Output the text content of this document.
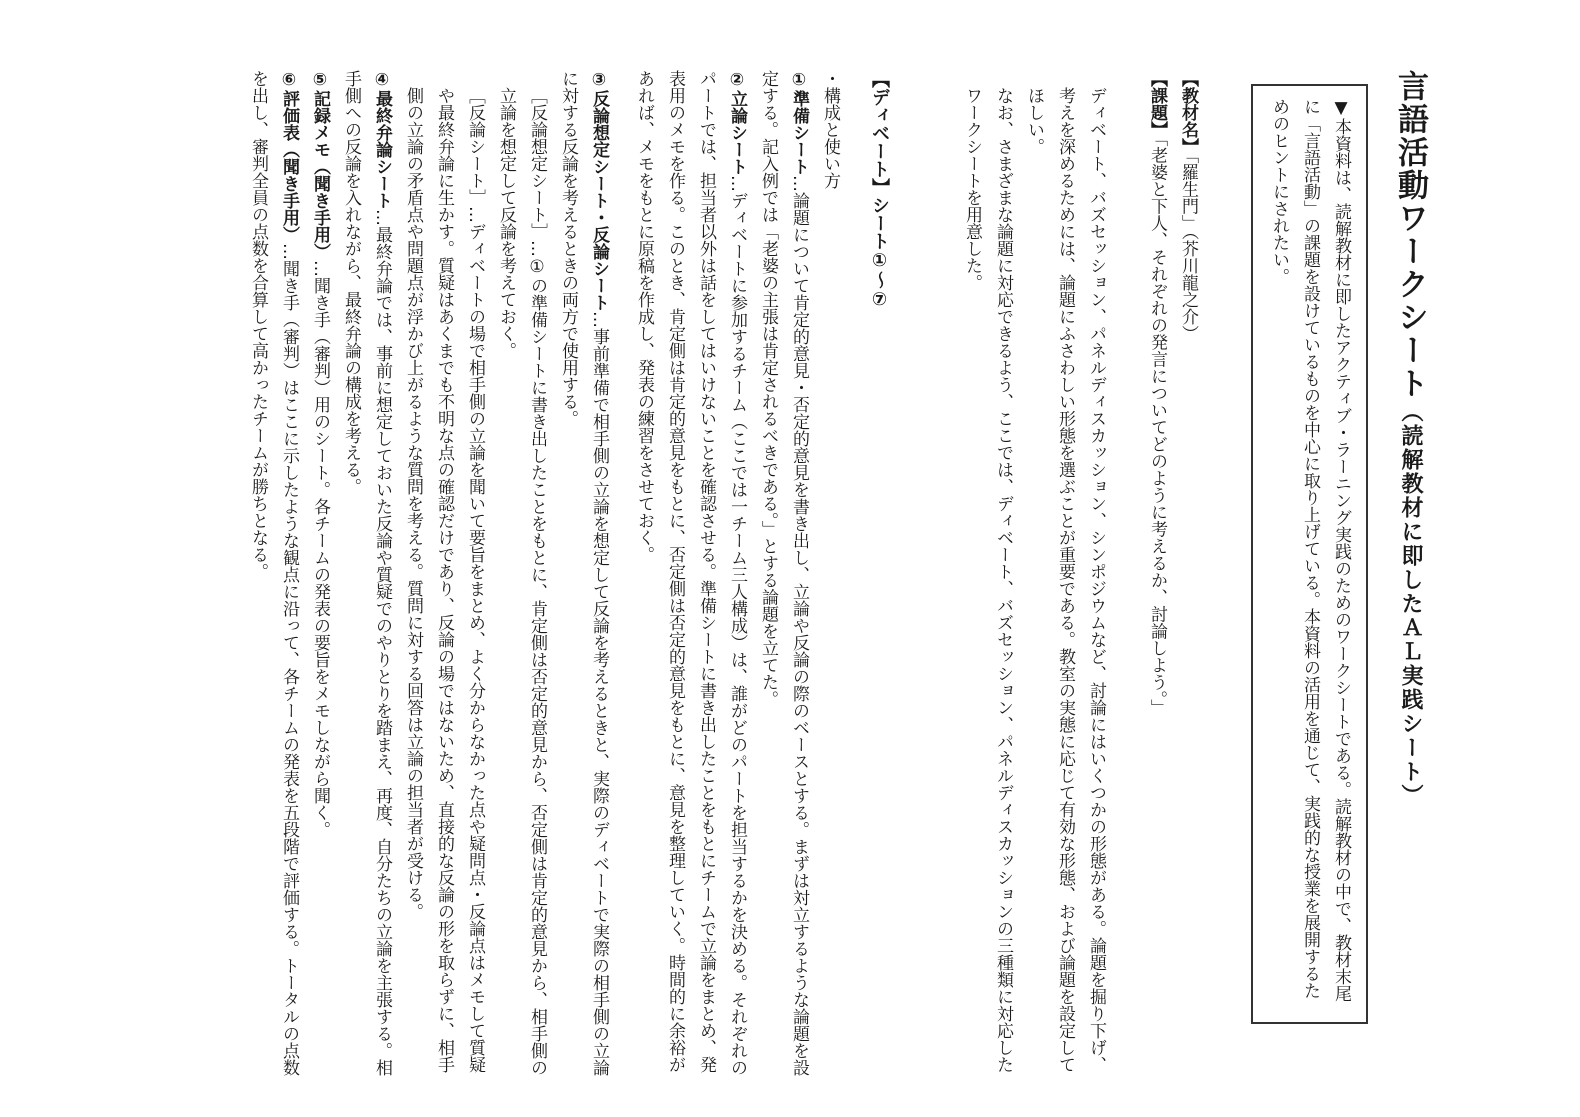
言語活動ワークシート（読解教材に即したＡＬ実践シート）
▼本資料は、読解教材に即したアクティブ・ラーニング実践のためのワークシートである。読解教材の中で、教材末尾に「言語活動」の課題を設けているものを中心に取り上げている。本資料の活用を通じて、実践的な授業を展開するためのヒントにされたい。

【教材名】「羅生門」（芥川龍之介）

【課題】「老婆と下人、それぞれの発言についてどのように考えるか、討論しよう。」

ディベート、バズセッション、パネルディスカッション、シンポジウムなど、討論にはいくつかの形態がある。論題を掘り下げ、考えを深めるためには、論題にふさわしい形態を選ぶことが重要である。教室の実態に応じて有効な形態、および論題を設定してほしい。

なお、さまざまな論題に対応できるよう、ここでは、ディベート、バズセッション、パネルディスカッションの三種類に対応したワークシートを用意した。

【ディベート】シート①〜⑦

・構成と使い方

①準備シート…論題について肯定的意見・否定的意見を書き出し、立論や反論の際のベースとする。まずは対立するような論題を設定する。記入例では「老婆の主張は肯定されるべきである。」とする論題を立てた。

②立論シート…ディベートに参加するチーム（ここでは一チーム三人構成）は、誰がどのパートを担当するかを決める。それぞれのパートでは、担当者以外は話をしてはいけないことを確認させる。準備シートに書き出したことをもとにチームで立論をまとめ、発表用のメモを作る。このとき、肯定側は肯定的意見をもとに、否定側は否定的意見をもとに、意見を整理していく。時間的に余裕があれば、メモをもとに原稿を作成し、発表の練習をさせておく。

③反論想定シート・反論シート…事前準備で相手側の立論を想定して反論を考えるときと、実際のディベートで実際の相手側の立論に対する反論を考えるときの両方で使用する。

［反論想定シート］…①の準備シートに書き出したことをもとに、肯定側は否定的意見から、否定側は肯定的意見から、相手側の立論を想定して反論を考えておく。

［反論シート］…ディベートの場で相手側の立論を聞いて要旨をまとめ、よく分からなかった点や疑問点・反論点はメモして質疑や最終弁論に生かす。質疑はあくまでも不明な点の確認だけであり、反論の場ではないため、直接的な反論の形を取らずに、相手側の立論の矛盾点や問題点が浮かび上がるような質問を考える。質問に対する回答は立論の担当者が受ける。

④最終弁論シート…最終弁論では、事前に想定しておいた反論や質疑でのやりとりを踏まえ、再度、自分たちの立論を主張する。相手側への反論を入れながら、最終弁論の構成を考える。

⑤記録メモ（聞き手用）…聞き手（審判）用のシート。各チームの発表の要旨をメモしながら聞く。

⑥評価表（聞き手用）…聞き手（審判）はここに示したような観点に沿って、各チームの発表を五段階で評価する。トータルの点数を出し、審判全員の点数を合算して高かったチームが勝ちとなる。
